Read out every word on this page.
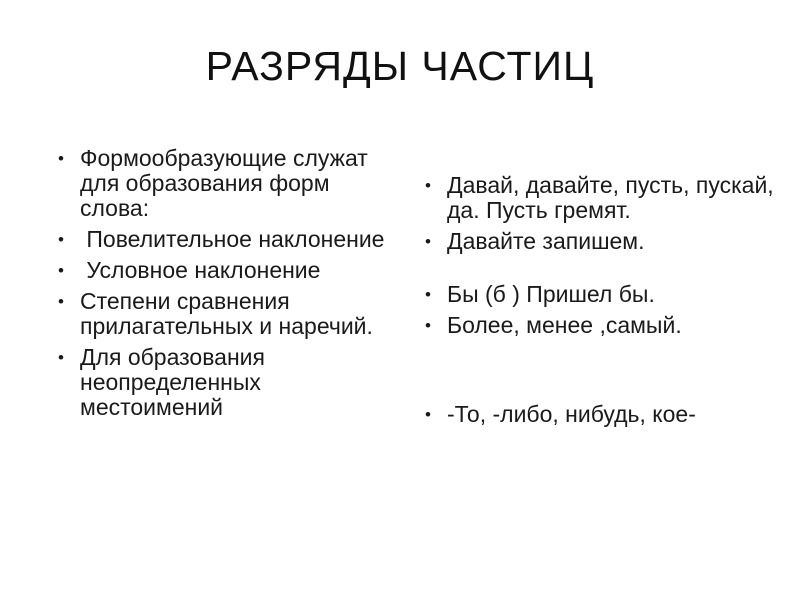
РАЗРЯДЫ ЧАСТИЦ
• Формообразующие служат для образования форм слова:
• Повелительное наклонение
• Условное наклонение
• Степени сравнения прилагательных и наречий.
• Для образования неопределенных местоимений
• Давай, давайте, пусть, пускай, да. Пусть гремят.
• Давайте запишем.
• Бы (б ) Пришел бы.
• Более, менее ,самый.
• -То, -либо, нибудь, кое-
